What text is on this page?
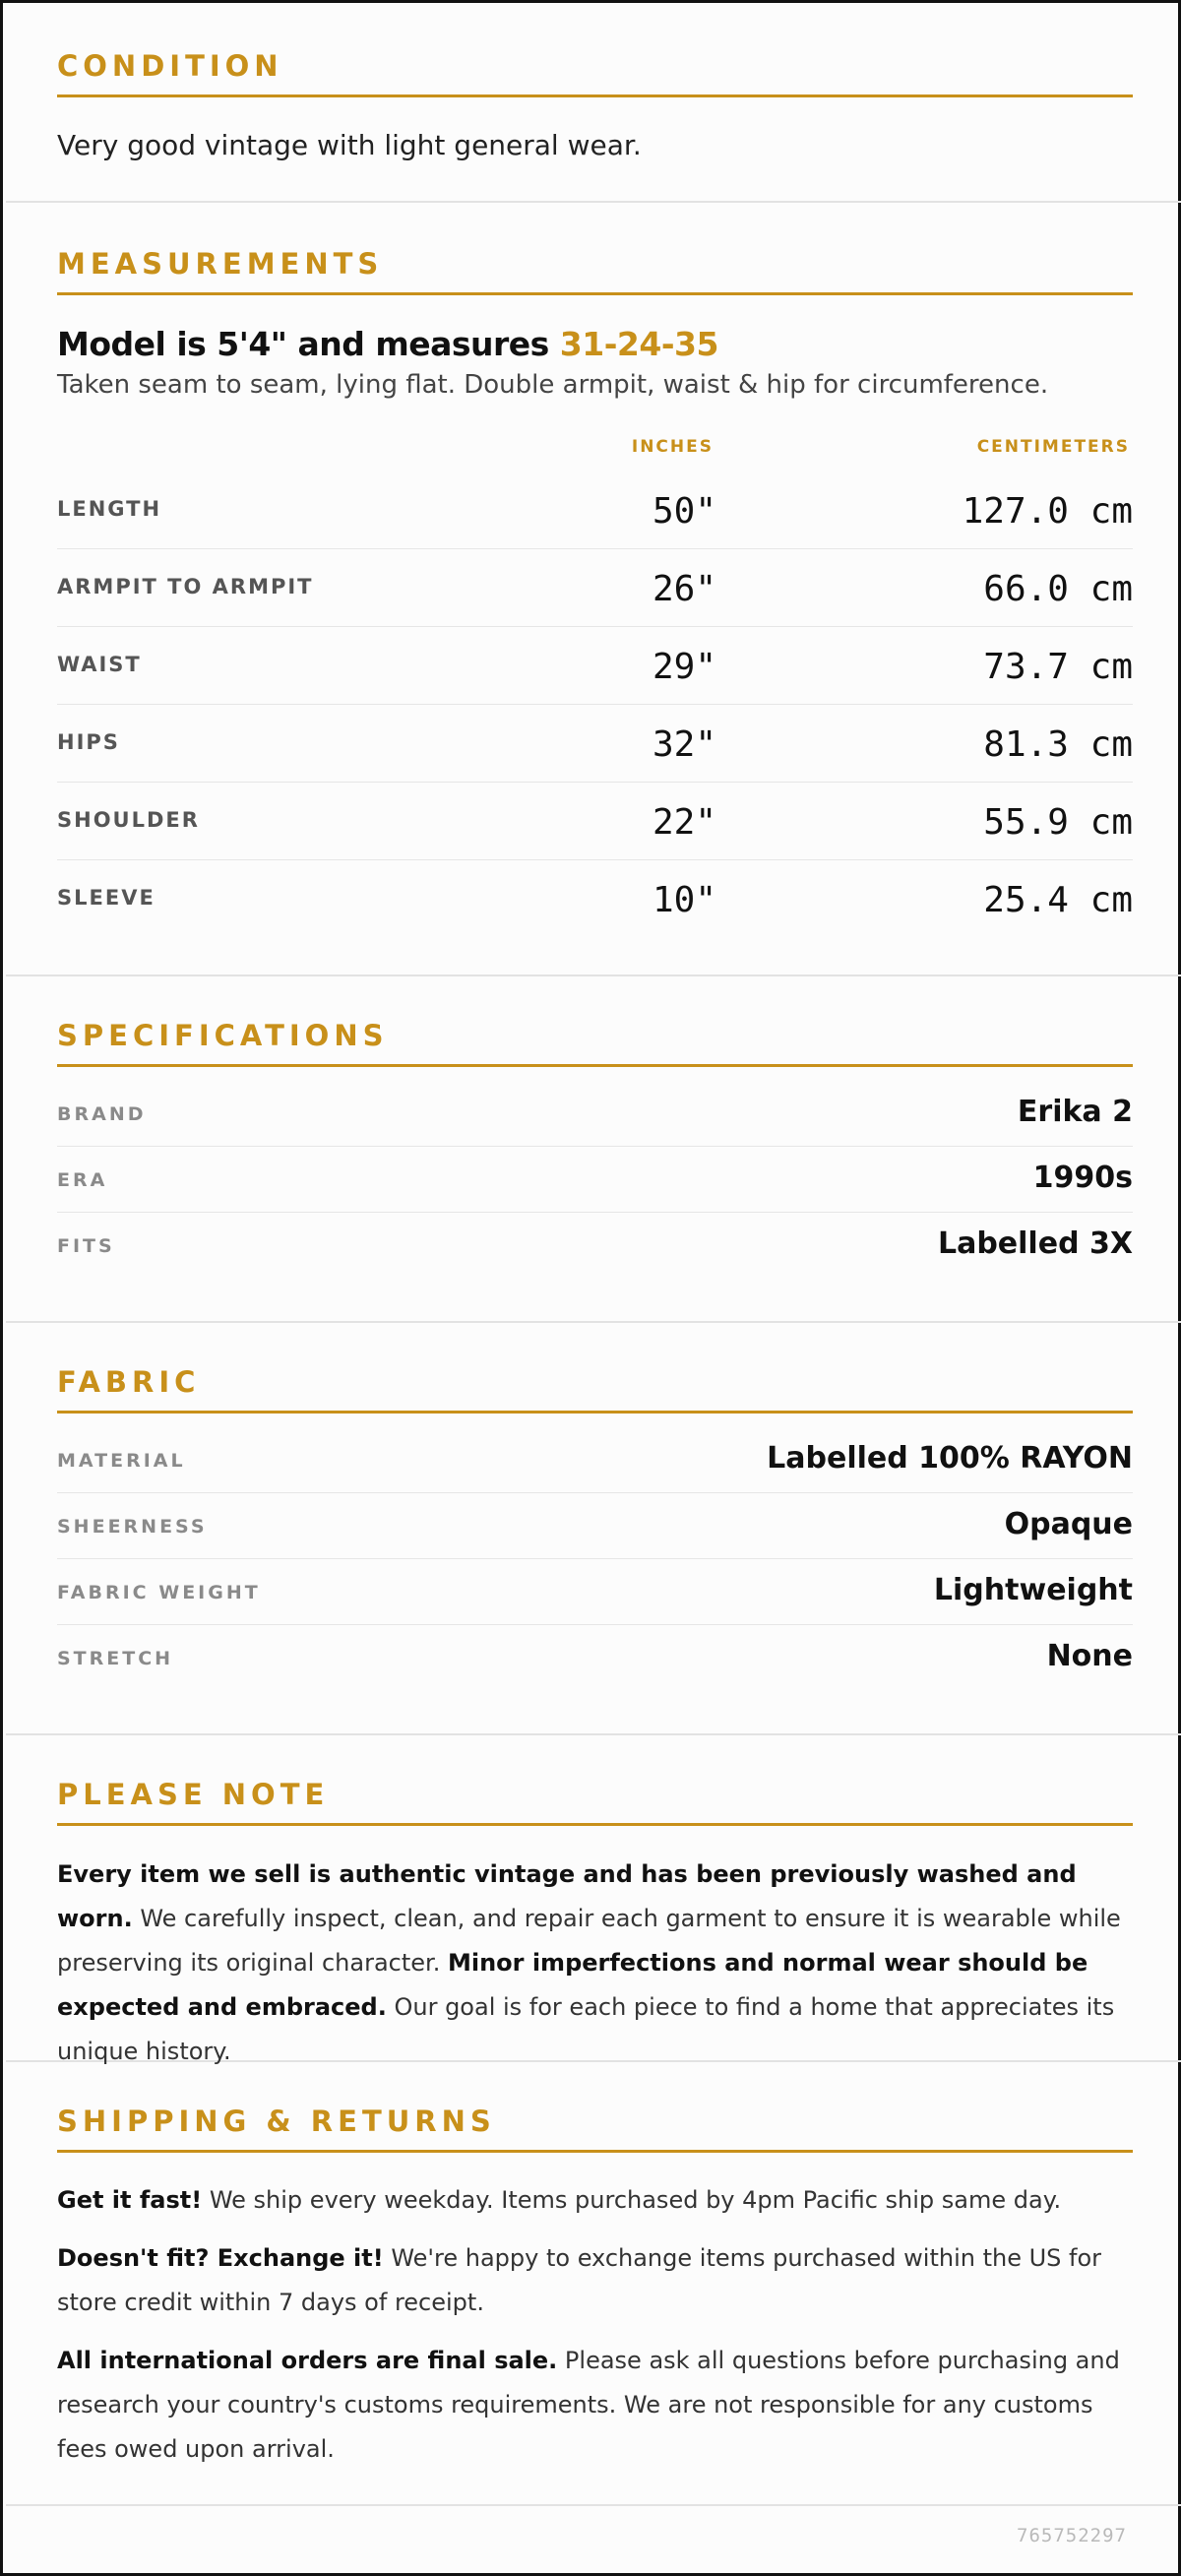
CONDITION
Very good vintage with light general wear.
MEASUREMENTS
Model is 5'4" and measures 31-24-35
Taken seam to seam, lying flat. Double armpit, waist & hip for circumference.
INCHES	CENTIMETERS
LENGTH	50"	127.0 cm
ARMPIT TO ARMPIT	26"	66.0 cm
WAIST	29"	73.7 cm
HIPS	32"	81.3 cm
SHOULDER	22"	55.9 cm
SLEEVE	10"	25.4 cm
SPECIFICATIONS
BRAND	Erika 2
ERA	1990s
FITS	Labelled 3X
FABRIC
MATERIAL	Labelled 100% RAYON
SHEERNESS	Opaque
FABRIC WEIGHT	Lightweight
STRETCH	None
PLEASE NOTE
Every item we sell is authentic vintage and has been previously washed and worn. We carefully inspect, clean, and repair each garment to ensure it is wearable while preserving its original character. Minor imperfections and normal wear should be expected and embraced. Our goal is for each piece to find a home that appreciates its unique history.
SHIPPING & RETURNS
Get it fast! We ship every weekday. Items purchased by 4pm Pacific ship same day.
Doesn't fit? Exchange it! We're happy to exchange items purchased within the US for store credit within 7 days of receipt.
All international orders are final sale. Please ask all questions before purchasing and research your country's customs requirements. We are not responsible for any customs fees owed upon arrival.
765752297
